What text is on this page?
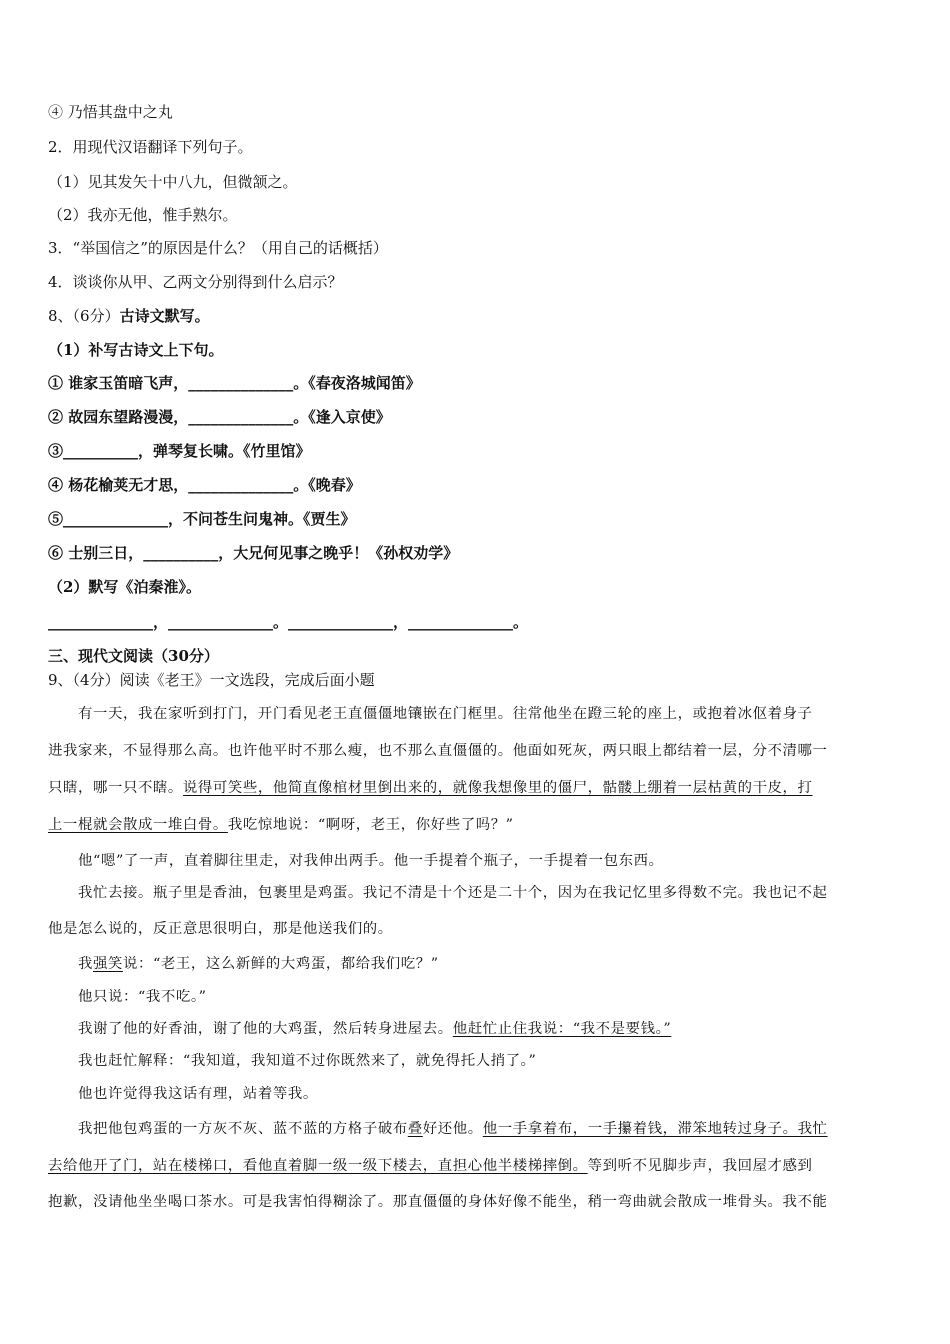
④ 乃悟其盘中之丸
2．用现代汉语翻译下列句子。
（1）见其发矢十中八九，但微颔之。
（2）我亦无他，惟手熟尔。
3．“举国信之”的原因是什么？（用自己的话概括）
4．谈谈你从甲、乙两文分别得到什么启示？
8、（6分）古诗文默写。
（1）补写古诗文上下句。
① 谁家玉笛暗飞声，______________。《春夜洛城闻笛》
② 故园东望路漫漫，______________。《逢入京使》
③__________，弹琴复长啸。《竹里馆》
④ 杨花榆荚无才思，______________。《晚春》
⑤______________，不问苍生问鬼神。《贾生》
⑥ 士别三日，__________，大兄何见事之晚乎！《孙权劝学》
（2）默写《泊秦淮》。
______________，______________。______________，______________。
三、现代文阅读（30分）
9、（4分）阅读《老王》一文选段，完成后面小题
有一天，我在家听到打门，开门看见老王直僵僵地镶嵌在门框里。往常他坐在蹬三轮的座上，或抱着冰伛着身子
进我家来，不显得那么高。也许他平时不那么瘦，也不那么直僵僵的。他面如死灰，两只眼上都结着一层，分不清哪一
只瞎，哪一只不瞎。说得可笑些，他简直像棺材里倒出来的，就像我想像里的僵尸，骷髅上绷着一层枯黄的干皮，打
上一棍就会散成一堆白骨。我吃惊地说：“啊呀，老王，你好些了吗？”
他“嗯”了一声，直着脚往里走，对我伸出两手。他一手提着个瓶子，一手提着一包东西。
我忙去接。瓶子里是香油，包裹里是鸡蛋。我记不清是十个还是二十个，因为在我记忆里多得数不完。我也记不起
他是怎么说的，反正意思很明白，那是他送我们的。
我强笑说：“老王，这么新鲜的大鸡蛋，都给我们吃？”
他只说：“我不吃。”
我谢了他的好香油，谢了他的大鸡蛋，然后转身进屋去。他赶忙止住我说：“我不是要钱。”
我也赶忙解释：“我知道，我知道不过你既然来了，就免得托人捎了。”
他也许觉得我这话有理，站着等我。
我把他包鸡蛋的一方灰不灰、蓝不蓝的方格子破布叠好还他。他一手拿着布，一手攥着钱，滞笨地转过身子。我忙
去给他开了门，站在楼梯口，看他直着脚一级一级下楼去，直担心他半楼梯摔倒。等到听不见脚步声，我回屋才感到
抱歉，没请他坐坐喝口茶水。可是我害怕得糊涂了。那直僵僵的身体好像不能坐，稍一弯曲就会散成一堆骨头。我不能
